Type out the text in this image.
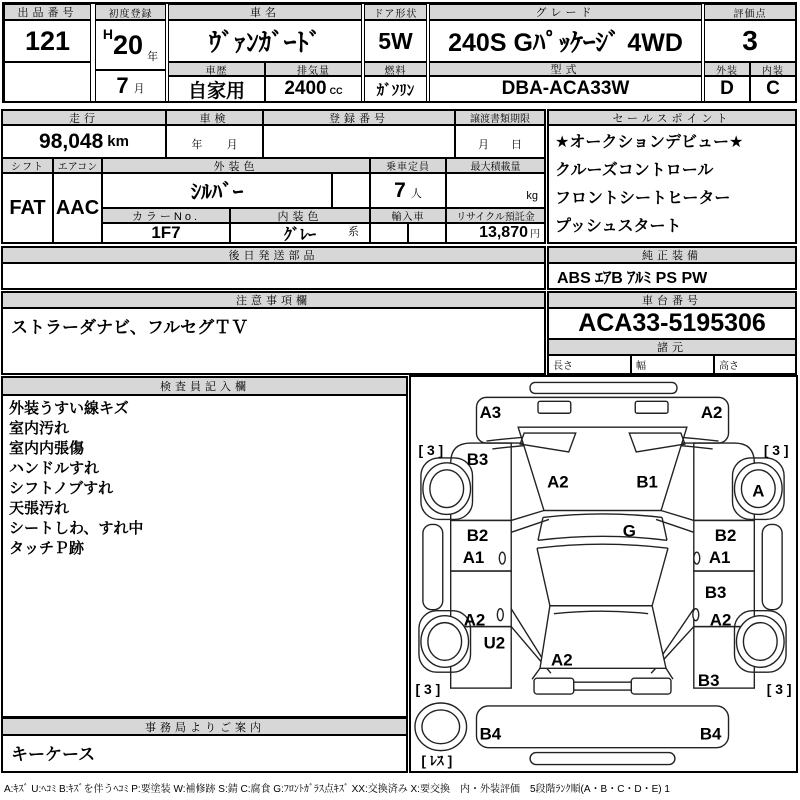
出品番号
121
初度登録
H 20 年
7 月
車名
ｳﾞｧﾝｶﾞｰﾄﾞ
車歴
自家用
排気量
2400 CC
ドア形状
5W
燃料
ｶﾞｿﾘﾝ
グレード
240S Gﾊﾟｯｹｰｼﾞ 4WD
型式
DBA-ACA33W
評価点
3
外装	内装
D	C
走行
98,048 km
車検
年 月
登録番号	譲渡書類期限
月 日
セールスポイント
★オークションデビュー★
クルーズコントロール
フロントシートヒーター
プッシュスタート
シフト	エアコン
FAT AAC
外装色
ｼﾙﾊﾞｰ
カラーNo.
1F7
内装色
ｸﾞﾚｰ	系
乗車定員
7 人
最大積載量
kg
輸入車	リサイクル預託金
13,870 円
後日発送部品	純正装備
ABS ｴｱB ｱﾙﾐ PS PW
注意事項欄
ストラーダナビ、フルセグＴＶ
車台番号
ACA33-5195306
諸元
長さ	幅	高さ
検査員記入欄
外装うすい線キズ
室内汚れ
室内内張傷
ハンドルすれ
シフトノブすれ
天張汚れ
シートしわ、すれ中
タッチＰ跡
事務局よりご案内
キーケース
A:ｷｽﾞ U:ﾍｺﾐ B:ｷｽﾞを伴うﾍｺﾐ P:要塗装 W:補修跡 S:錆 C:腐食 G:ﾌﾛﾝﾄｶﾞﾗｽ点ｷｽﾞ XX:交換済み X:要交換　内・外装評価　5段階ﾗﾝｸ順(A・B・C・D・E) 1
A3	A2
[ 3 ]	[ 3 ]
B3
A
A2	B1
G
B2
A1
B2
A1
B3
A2	A2
U2
A2
B3
[ 3 ]	[ 3 ]
B4	B4
[ ﾚｽ ]
